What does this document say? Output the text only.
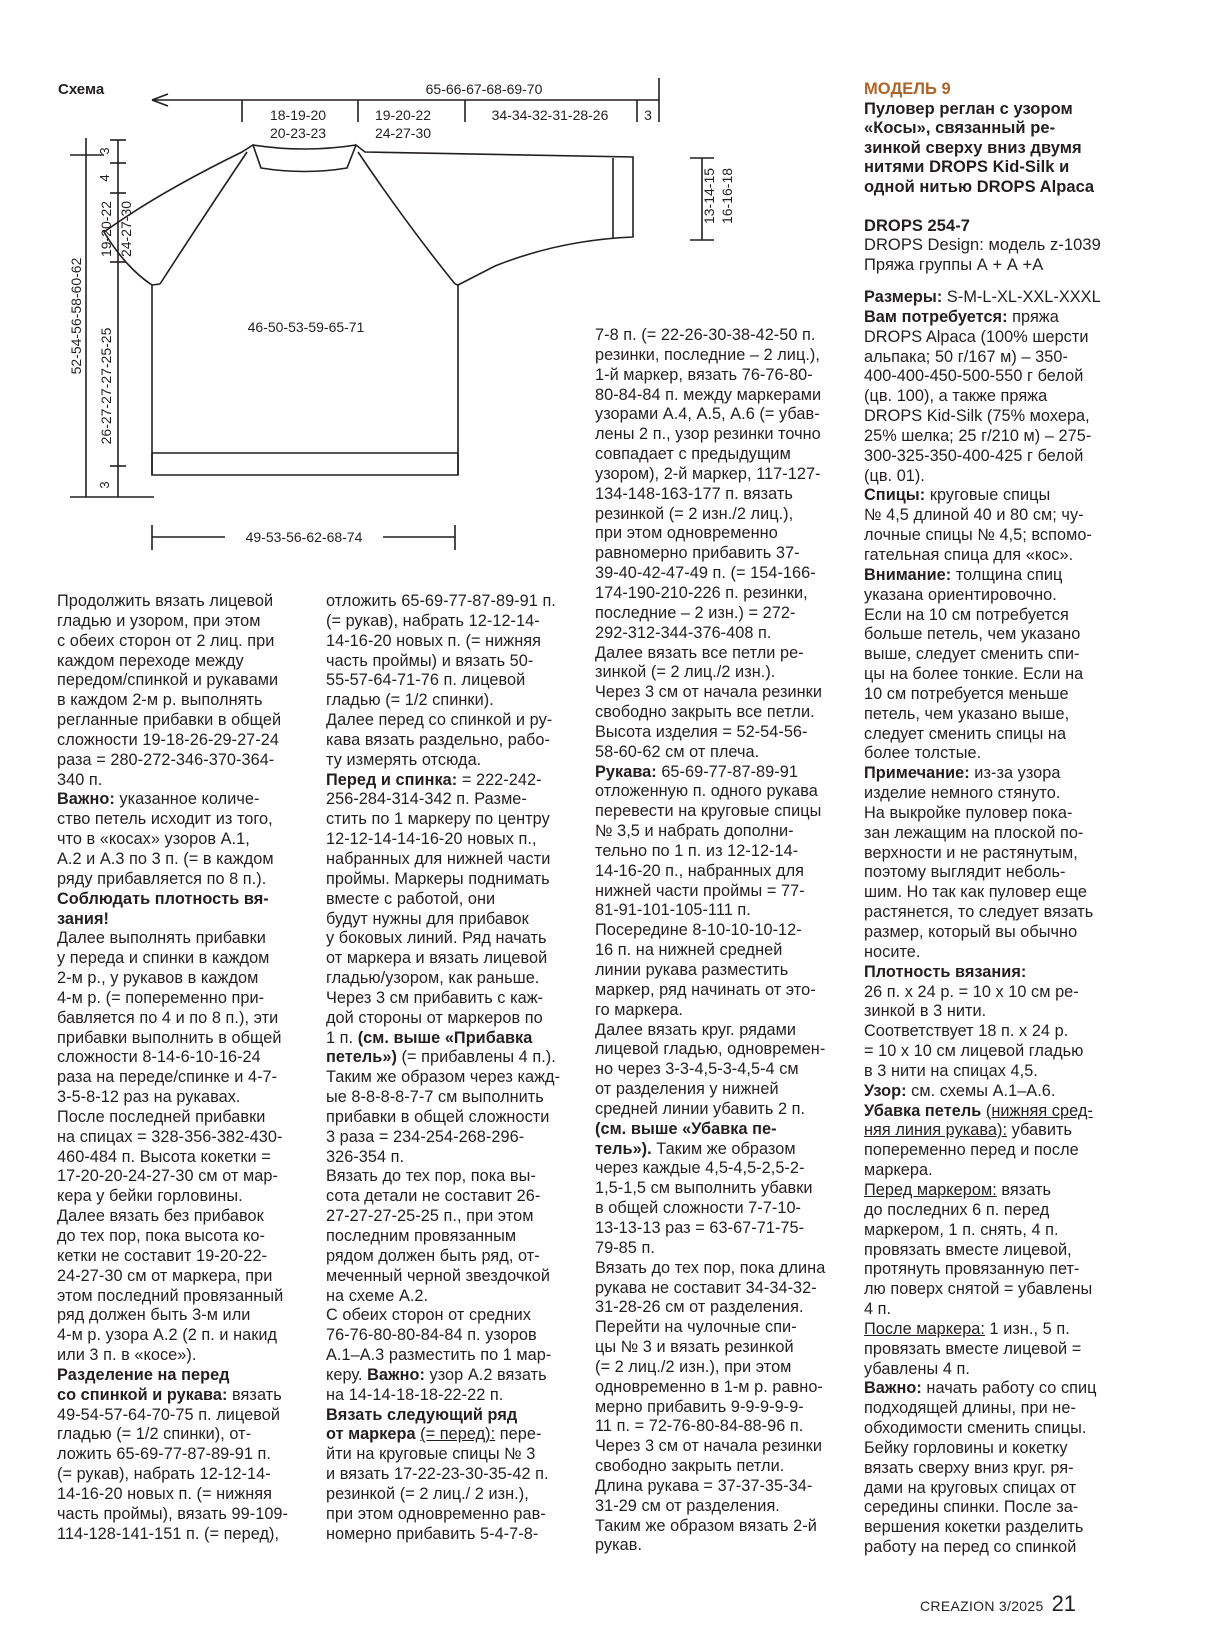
Схема	65-66-67-68-69-70
18-19-20
20-23-23
19-20-22
24-27-30
34-34-32-31-28-26	3
46-50-53-59-65-71
49-53-56-62-68-74
52-54-56-58-60-62
3
4
19-20-22 24-27-30
26-27-27-27-25-25
3
13-14-15 16-16-18

МОДЕЛЬ 9

Пуловер реглан с узором

«Косы», связанный ре-

зинкой сверху вниз двумя

нитями DROPS Kid-Silk и

одной нитью DROPS Alpaca

DROPS 254-7

DROPS Design: модель z-1039

Пряжа группы А + А +А

Продолжить вязать лицевой

гладью и узором, при этом

с обеих сторон от 2 лиц. при

каждом переходе между

передом/спинкой и рукавами

в каждом 2-м р. выполнять

регланные прибавки в общей

сложности 19-18-26-29-27-24

раза = 280-272-346-370-364-

340 п.

Важно: указанное количе-

ство петель исходит из того,

что в «косах» узоров А.1,

А.2 и А.3 по 3 п. (= в каждом

ряду прибавляется по 8 п.).

Соблюдать плотность вя-

зания!

Далее выполнять прибавки

у переда и спинки в каждом

2-м р., у рукавов в каждом

4-м р. (= попеременно при-

бавляется по 4 и по 8 п.), эти

прибавки выполнить в общей

сложности 8-14-6-10-16-24

раза на переде/спинке и 4-7-

3-5-8-12 раз на рукавах.

После последней прибавки

на спицах = 328-356-382-430-

460-484 п. Высота кокетки =

17-20-20-24-27-30 см от мар-

кера у бейки горловины.

Далее вязать без прибавок

до тех пор, пока высота ко-

кетки не составит 19-20-22-

24-27-30 см от маркера, при

этом последний провязанный

ряд должен быть 3-м или

4-м р. узора А.2 (2 п. и накид

или 3 п. в «косе»).

Разделение на перед

со спинкой и рукава: вязать

49-54-57-64-70-75 п. лицевой

гладью (= 1/2 спинки), от-

ложить 65-69-77-87-89-91 п.

(= рукав), набрать 12-12-14-

14-16-20 новых п. (= нижняя

часть проймы), вязать 99-109-

114-128-141-151 п. (= перед),

отложить 65-69-77-87-89-91 п.

(= рукав), набрать 12-12-14-

14-16-20 новых п. (= нижняя

часть проймы) и вязать 50-

55-57-64-71-76 п. лицевой

гладью (= 1/2 спинки).

Далее перед со спинкой и ру-

кава вязать раздельно, рабо-

ту измерять отсюда.

Перед и спинка: = 222-242-

256-284-314-342 п. Разме-

стить по 1 маркеру по центру

12-12-14-14-16-20 новых п.,

набранных для нижней части

проймы. Маркеры поднимать

вместе с работой, они

будут нужны для прибавок

у боковых линий. Ряд начать

от маркера и вязать лицевой

гладью/узором, как раньше.

Через 3 см прибавить с каж-

дой стороны от маркеров по

1 п. (см. выше «Прибавка

петель») (= прибавлены 4 п.).

Таким же образом через кажд-

ые 8-8-8-8-7-7 см выполнить

прибавки в общей сложности

3 раза = 234-254-268-296-

326-354 п.

Вязать до тех пор, пока вы-

сота детали не составит 26-

27-27-27-25-25 п., при этом

последним провязанным

рядом должен быть ряд, от-

меченный черной звездочкой

на схеме А.2.

С обеих сторон от средних

76-76-80-80-84-84 п. узоров

А.1–А.3 разместить по 1 мар-

керу. Важно: узор А.2 вязать

на 14-14-18-18-22-22 п.

Вязать следующий ряд

от маркера (= перед): пере-

йти на круговые спицы № 3

и вязать 17-22-23-30-35-42 п.

резинкой (= 2 лиц./ 2 изн.),

при этом одновременно рав-

номерно прибавить 5-4-7-8-

7-8 п. (= 22-26-30-38-42-50 п.

резинки, последние – 2 лиц.),

1-й маркер, вязать 76-76-80-

80-84-84 п. между маркерами

узорами А.4, А.5, А.6 (= убав-

лены 2 п., узор резинки точно

совпадает с предыдущим

узором), 2-й маркер, 117-127-

134-148-163-177 п. вязать

резинкой (= 2 изн./2 лиц.),

при этом одновременно

равномерно прибавить 37-

39-40-42-47-49 п. (= 154-166-

174-190-210-226 п. резинки,

последние – 2 изн.) = 272-

292-312-344-376-408 п.

Далее вязать все петли ре-

зинкой (= 2 лиц./2 изн.).

Через 3 см от начала резинки

свободно закрыть все петли.

Высота изделия = 52-54-56-

58-60-62 см от плеча.

Рукава: 65-69-77-87-89-91

отложенную п. одного рукава

перевести на круговые спицы

№ 3,5 и набрать дополни-

тельно по 1 п. из 12-12-14-

14-16-20 п., набранных для

нижней части проймы = 77-

81-91-101-105-111 п.

Посередине 8-10-10-10-12-

16 п. на нижней средней

линии рукава разместить

маркер, ряд начинать от это-

го маркера.

Далее вязать круг. рядами

лицевой гладью, одновремен-

но через 3-3-4,5-3-4,5-4 см

от разделения у нижней

средней линии убавить 2 п.

(см. выше «Убавка пе-

тель»). Таким же образом

через каждые 4,5-4,5-2,5-2-

1,5-1,5 см выполнить убавки

в общей сложности 7-7-10-

13-13-13 раз = 63-67-71-75-

79-85 п.

Вязать до тех пор, пока длина

рукава не составит 34-34-32-

31-28-26 см от разделения.

Перейти на чулочные спи-

цы № 3 и вязать резинкой

(= 2 лиц./2 изн.), при этом

одновременно в 1-м р. равно-

мерно прибавить 9-9-9-9-9-

11 п. = 72-76-80-84-88-96 п.

Через 3 см от начала резинки

свободно закрыть петли.

Длина рукава = 37-37-35-34-

31-29 см от разделения.

Таким же образом вязать 2-й

рукав.

Размеры: S-M-L-XL-XXL-XXXL

Вам потребуется: пряжа

DROPS Alpaca (100% шерсти

альпака; 50 г/167 м) – 350-

400-400-450-500-550 г белой

(цв. 100), а также пряжа

DROPS Kid-Silk (75% мохера,

25% шелка; 25 г/210 м) – 275-

300-325-350-400-425 г белой

(цв. 01).

Спицы: круговые спицы

№ 4,5 длиной 40 и 80 см; чу-

лочные спицы № 4,5; вспомо-

гательная спица для «кос».

Внимание: толщина спиц

указана ориентировочно.

Если на 10 см потребуется

больше петель, чем указано

выше, следует сменить спи-

цы на более тонкие. Если на

10 см потребуется меньше

петель, чем указано выше,

следует сменить спицы на

более толстые.

Примечание: из-за узора

изделие немного стянуто.

На выкройке пуловер пока-

зан лежащим на плоской по-

верхности и не растянутым,

поэтому выглядит неболь-

шим. Но так как пуловер еще

растянется, то следует вязать

размер, который вы обычно

носите.

Плотность вязания:

26 п. х 24 р. = 10 х 10 см ре-

зинкой в 3 нити.

Соответствует 18 п. х 24 р.

= 10 х 10 см лицевой гладью

в 3 нити на спицах 4,5.

Узор: см. схемы А.1–А.6.

Убавка петель (нижняя сред-

няя линия рукава): убавить

попеременно перед и после

маркера.

Перед маркером: вязать

до последних 6 п. перед

маркером, 1 п. снять, 4 п.

провязать вместе лицевой,

протянуть провязанную пет-

лю поверх снятой = убавлены

4 п.

После маркера: 1 изн., 5 п.

провязать вместе лицевой =

убавлены 4 п.

Важно: начать работу со спиц

подходящей длины, при не-

обходимости сменить спицы.

Бейку горловины и кокетку

вязать сверху вниз круг. ря-

дами на круговых спицах от

середины спинки. После за-

вершения кокетки разделить

работу на перед со спинкой

CREAZION 3/2025 21
